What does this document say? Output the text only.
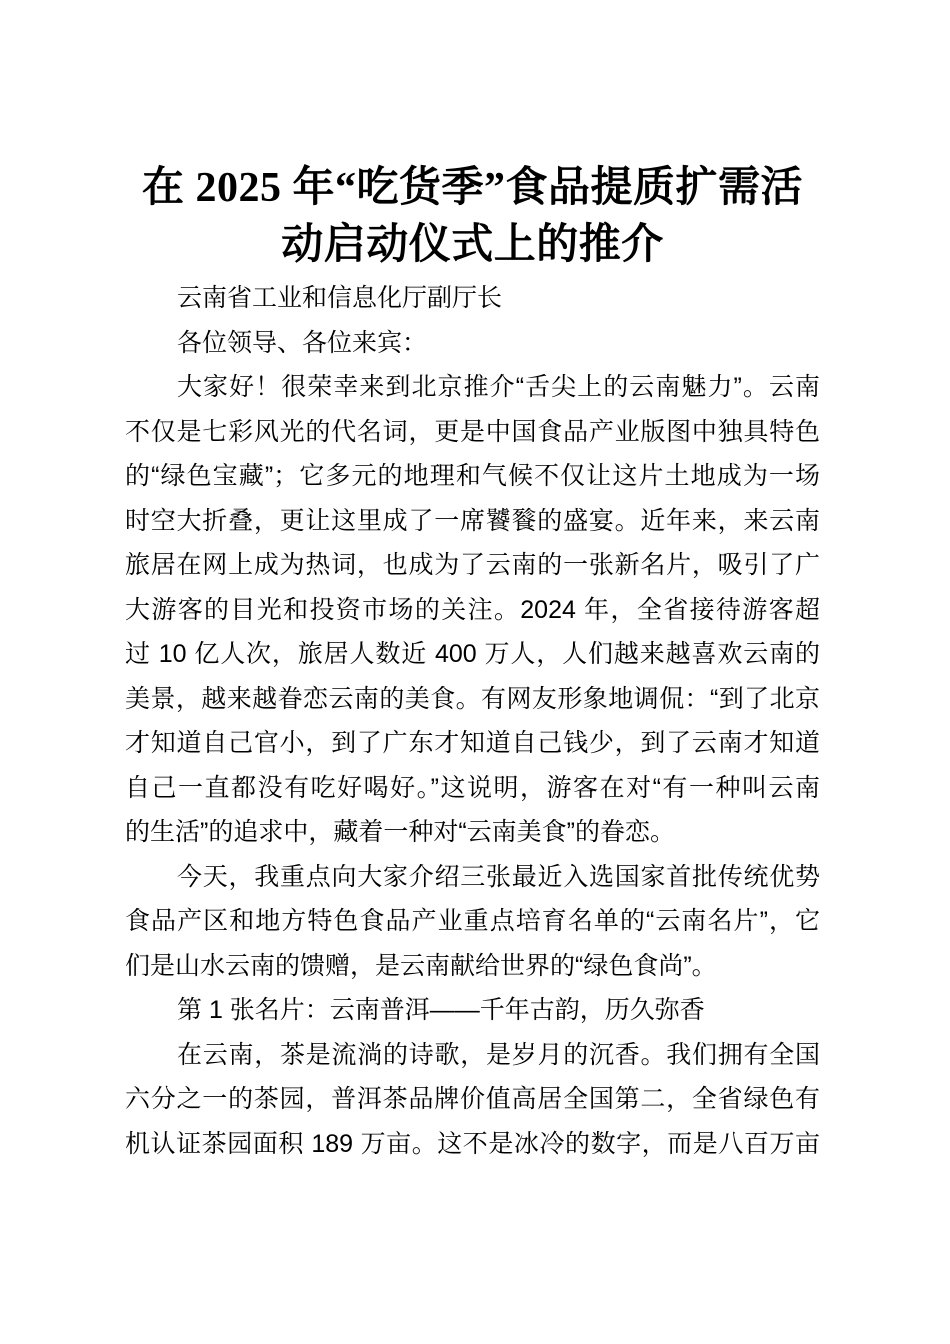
在 2025 年“吃货季”食品提质扩需活
动启动仪式上的推介
云南省工业和信息化厅副厅长
各位领导、各位来宾：
大家好！很荣幸来到北京推介“舌尖上的云南魅力”。云南
不仅是七彩风光的代名词，更是中国食品产业版图中独具特色
的“绿色宝藏”；它多元的地理和气候不仅让这片土地成为一场
时空大折叠，更让这里成了一席饕餮的盛宴。近年来，来云南
旅居在网上成为热词，也成为了云南的一张新名片，吸引了广
大游客的目光和投资市场的关注。2024 年，全省接待游客超
过 10 亿人次，旅居人数近 400 万人，人们越来越喜欢云南的
美景，越来越眷恋云南的美食。有网友形象地调侃：“到了北京
才知道自己官小，到了广东才知道自己钱少，到了云南才知道
自己一直都没有吃好喝好。”这说明，游客在对“有一种叫云南
的生活”的追求中，藏着一种对“云南美食”的眷恋。
今天，我重点向大家介绍三张最近入选国家首批传统优势
食品产区和地方特色食品产业重点培育名单的“云南名片”，它
们是山水云南的馈赠，是云南献给世界的“绿色食尚”。
第 1 张名片：云南普洱——千年古韵，历久弥香
在云南，茶是流淌的诗歌，是岁月的沉香。我们拥有全国
六分之一的茶园，普洱茶品牌价值高居全国第二，全省绿色有
机认证茶园面积 189 万亩。这不是冰冷的数字，而是八百万亩
